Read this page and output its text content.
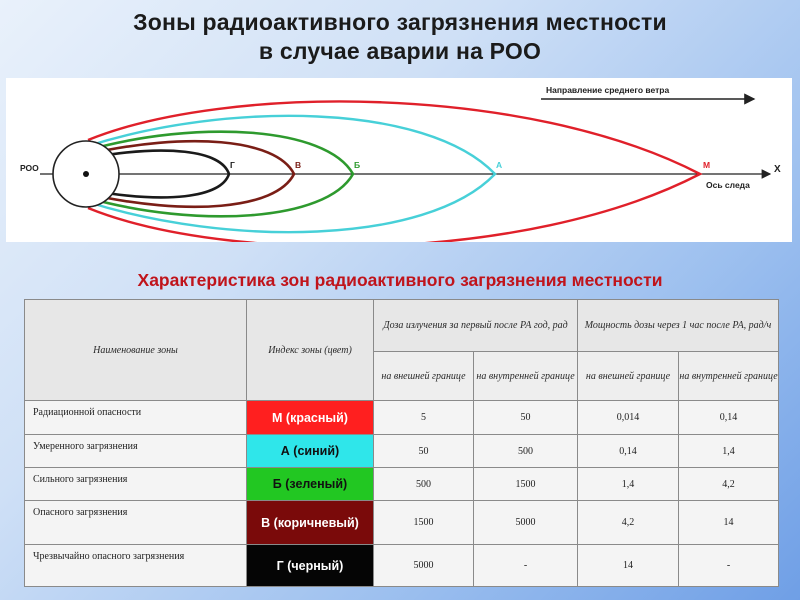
Зоны радиоактивного загрязнения местности
в случае аварии на РОО
Направление среднего ветра
X
Ось следа
РОО	Г	В	Б	А	М
Характеристика зон радиоактивного загрязнения местности
Наименование зоны	Индекс зоны (цвет)	Доза излучения за первый после РА год, рад		Мощность дозы через 1 час после РА, рад/ч	
		на внешней границе	на внутренней границе	на внешней границе	на внутренней границе
Радиационной опасности	М (красный)	5	50	0,014	0,14
Умеренного загрязнения	А (синий)	50	500	0,14	1,4
Сильного загрязнения	Б (зеленый)	500	1500	1,4	4,2
Опасного загрязнения	В (коричневый)	1500	5000	4,2	14
Чрезвычайно опасного загрязнения	Г (черный)	5000	-	14	-
